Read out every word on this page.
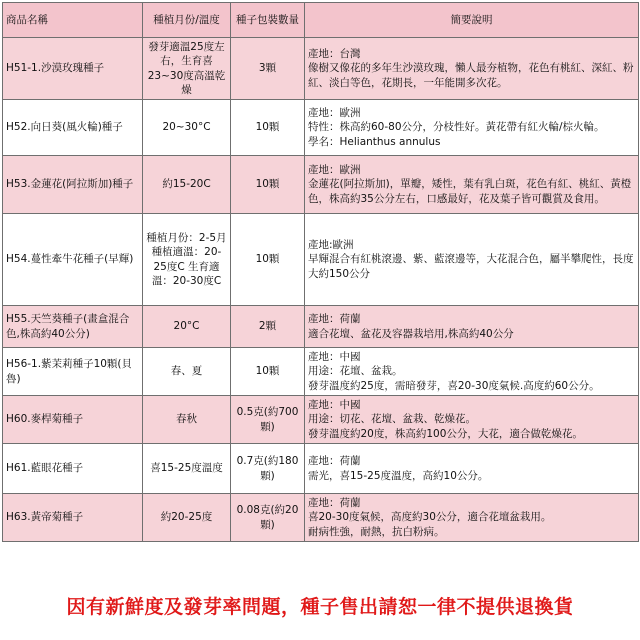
商品名稱	種植月份/溫度	種子包裝數量	簡要說明
H51-1.沙漠玫瑰種子	發芽適溫25度左右，生育喜23~30度高溫乾燥	3顆	產地：台灣
像樹又像花的多年生沙漠玫瑰，懶人最夯植物，花色有桃紅、深紅、粉紅、淡白等色，花期長，一年能開多次花。

H52.向日葵(風火輪)種子	20~30°C	10顆	產地：歐洲
特性：株高約60-80公分，分枝性好。黃花帶有紅火輪/棕火輪。
學名：Helianthus annulus

H53.金蓮花(阿拉斯加)種子	約15-20C	10顆	產地：歐洲
金蓮花(阿拉斯加)，單瓣，矮性，葉有乳白斑，花色有紅、桃紅、黃橙色，株高約35公分左右，口感最好，花及葉子皆可觀賞及食用。

H54.蔓性牽牛花種子(早輝)	種植月份：2-5月 種植適溫：20-25度C 生育適溫：20-30度C	10顆	產地:歐洲
早輝混合有紅桃滾邊、紫、藍滾邊等，大花混合色，屬半攀爬性，長度大約150公分

H55.天竺葵種子(畫盒混合色,株高約40公分)	20°C	2顆	產地：荷蘭
適合花壇、盆花及容器栽培用,株高約40公分

H56-1.紫茉莉種子10顆(貝魯)	春、夏	10顆	產地：中國
用途：花壇、盆栽。
發芽溫度約25度，需暗發芽，喜20-30度氣候.高度約60公分。

H60.麥桿菊種子	春秋	0.5克(約700顆)	產地：中國
用途：切花、花壇、盆栽、乾燥花。
發芽溫度約20度，株高約100公分，大花，適合做乾燥花。

H61.藍眼花種子	喜15-25度溫度	0.7克(約180顆)	產地：荷蘭
需光，喜15-25度溫度，高約10公分。

H63.黃帝菊種子	約20-25度	0.08克(約20顆)	產地：荷蘭
喜20-30度氣候，高度約30公分，適合花壇盆栽用。
耐病性強，耐熱，抗白粉病。
因有新鮮度及發芽率問題，種子售出請恕一律不提供退換貨
